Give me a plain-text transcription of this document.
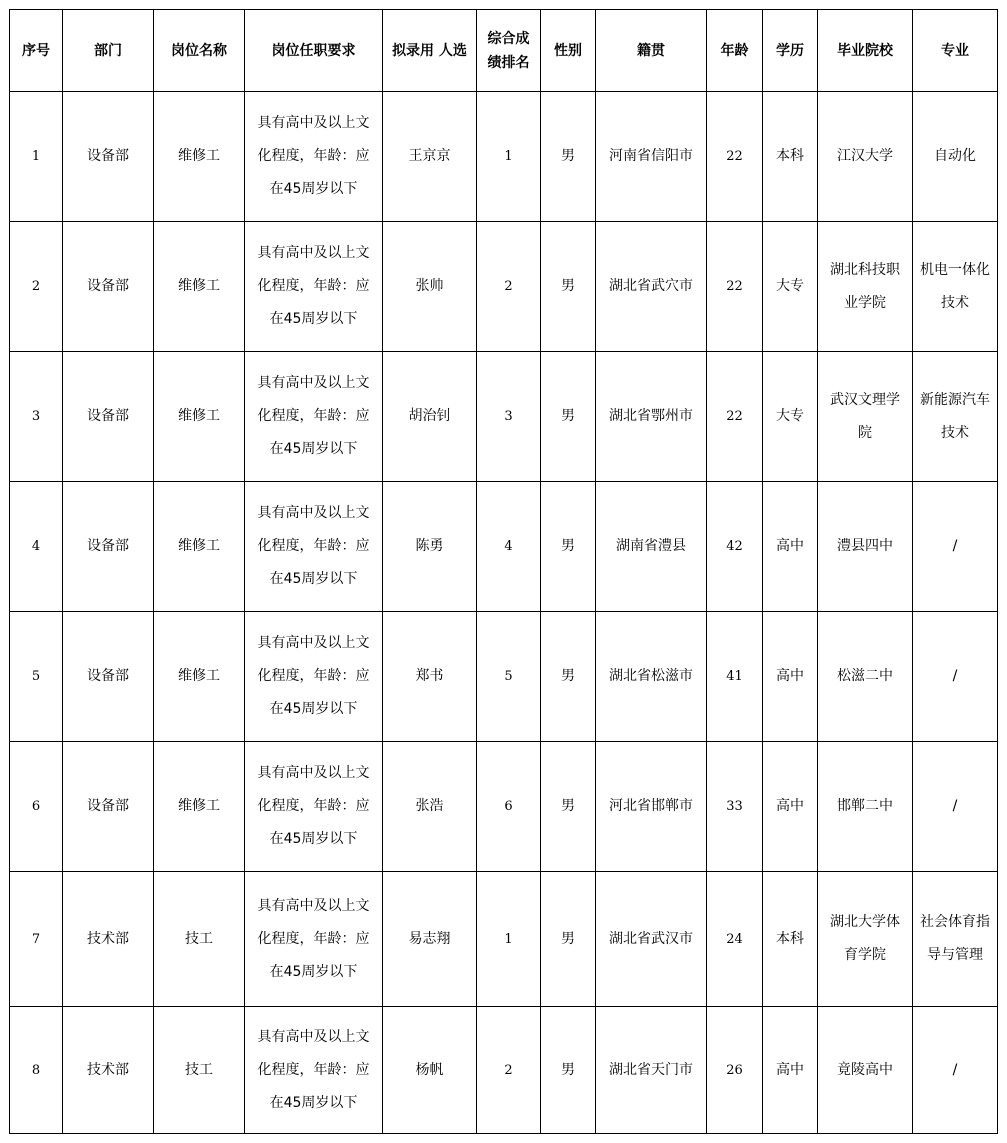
序号	部门	岗位名称	岗位任职要求	拟录用 人选	综合成绩排名	性别	籍贯	年龄	学历	毕业院校	专业
1	设备部	维修工	具有高中及以上文化程度，年龄：应在45周岁以下	王京京	1	男	河南省信阳市	22	本科	江汉大学	自动化
2	设备部	维修工	具有高中及以上文化程度，年龄：应在45周岁以下	张帅	2	男	湖北省武穴市	22	大专	湖北科技职业学院	机电一体化技术
3	设备部	维修工	具有高中及以上文化程度，年龄：应在45周岁以下	胡治钊	3	男	湖北省鄂州市	22	大专	武汉文理学院	新能源汽车技术
4	设备部	维修工	具有高中及以上文化程度，年龄：应在45周岁以下	陈勇	4	男	湖南省澧县	42	高中	澧县四中	/
5	设备部	维修工	具有高中及以上文化程度，年龄：应在45周岁以下	郑书	5	男	湖北省松滋市	41	高中	松滋二中	/
6	设备部	维修工	具有高中及以上文化程度，年龄：应在45周岁以下	张浩	6	男	河北省邯郸市	33	高中	邯郸二中	/
7	技术部	技工	具有高中及以上文化程度，年龄：应在45周岁以下	易志翔	1	男	湖北省武汉市	24	本科	湖北大学体育学院	社会体育指导与管理
8	技术部	技工	具有高中及以上文化程度，年龄：应在45周岁以下	杨帆	2	男	湖北省天门市	26	高中	竟陵高中	/
